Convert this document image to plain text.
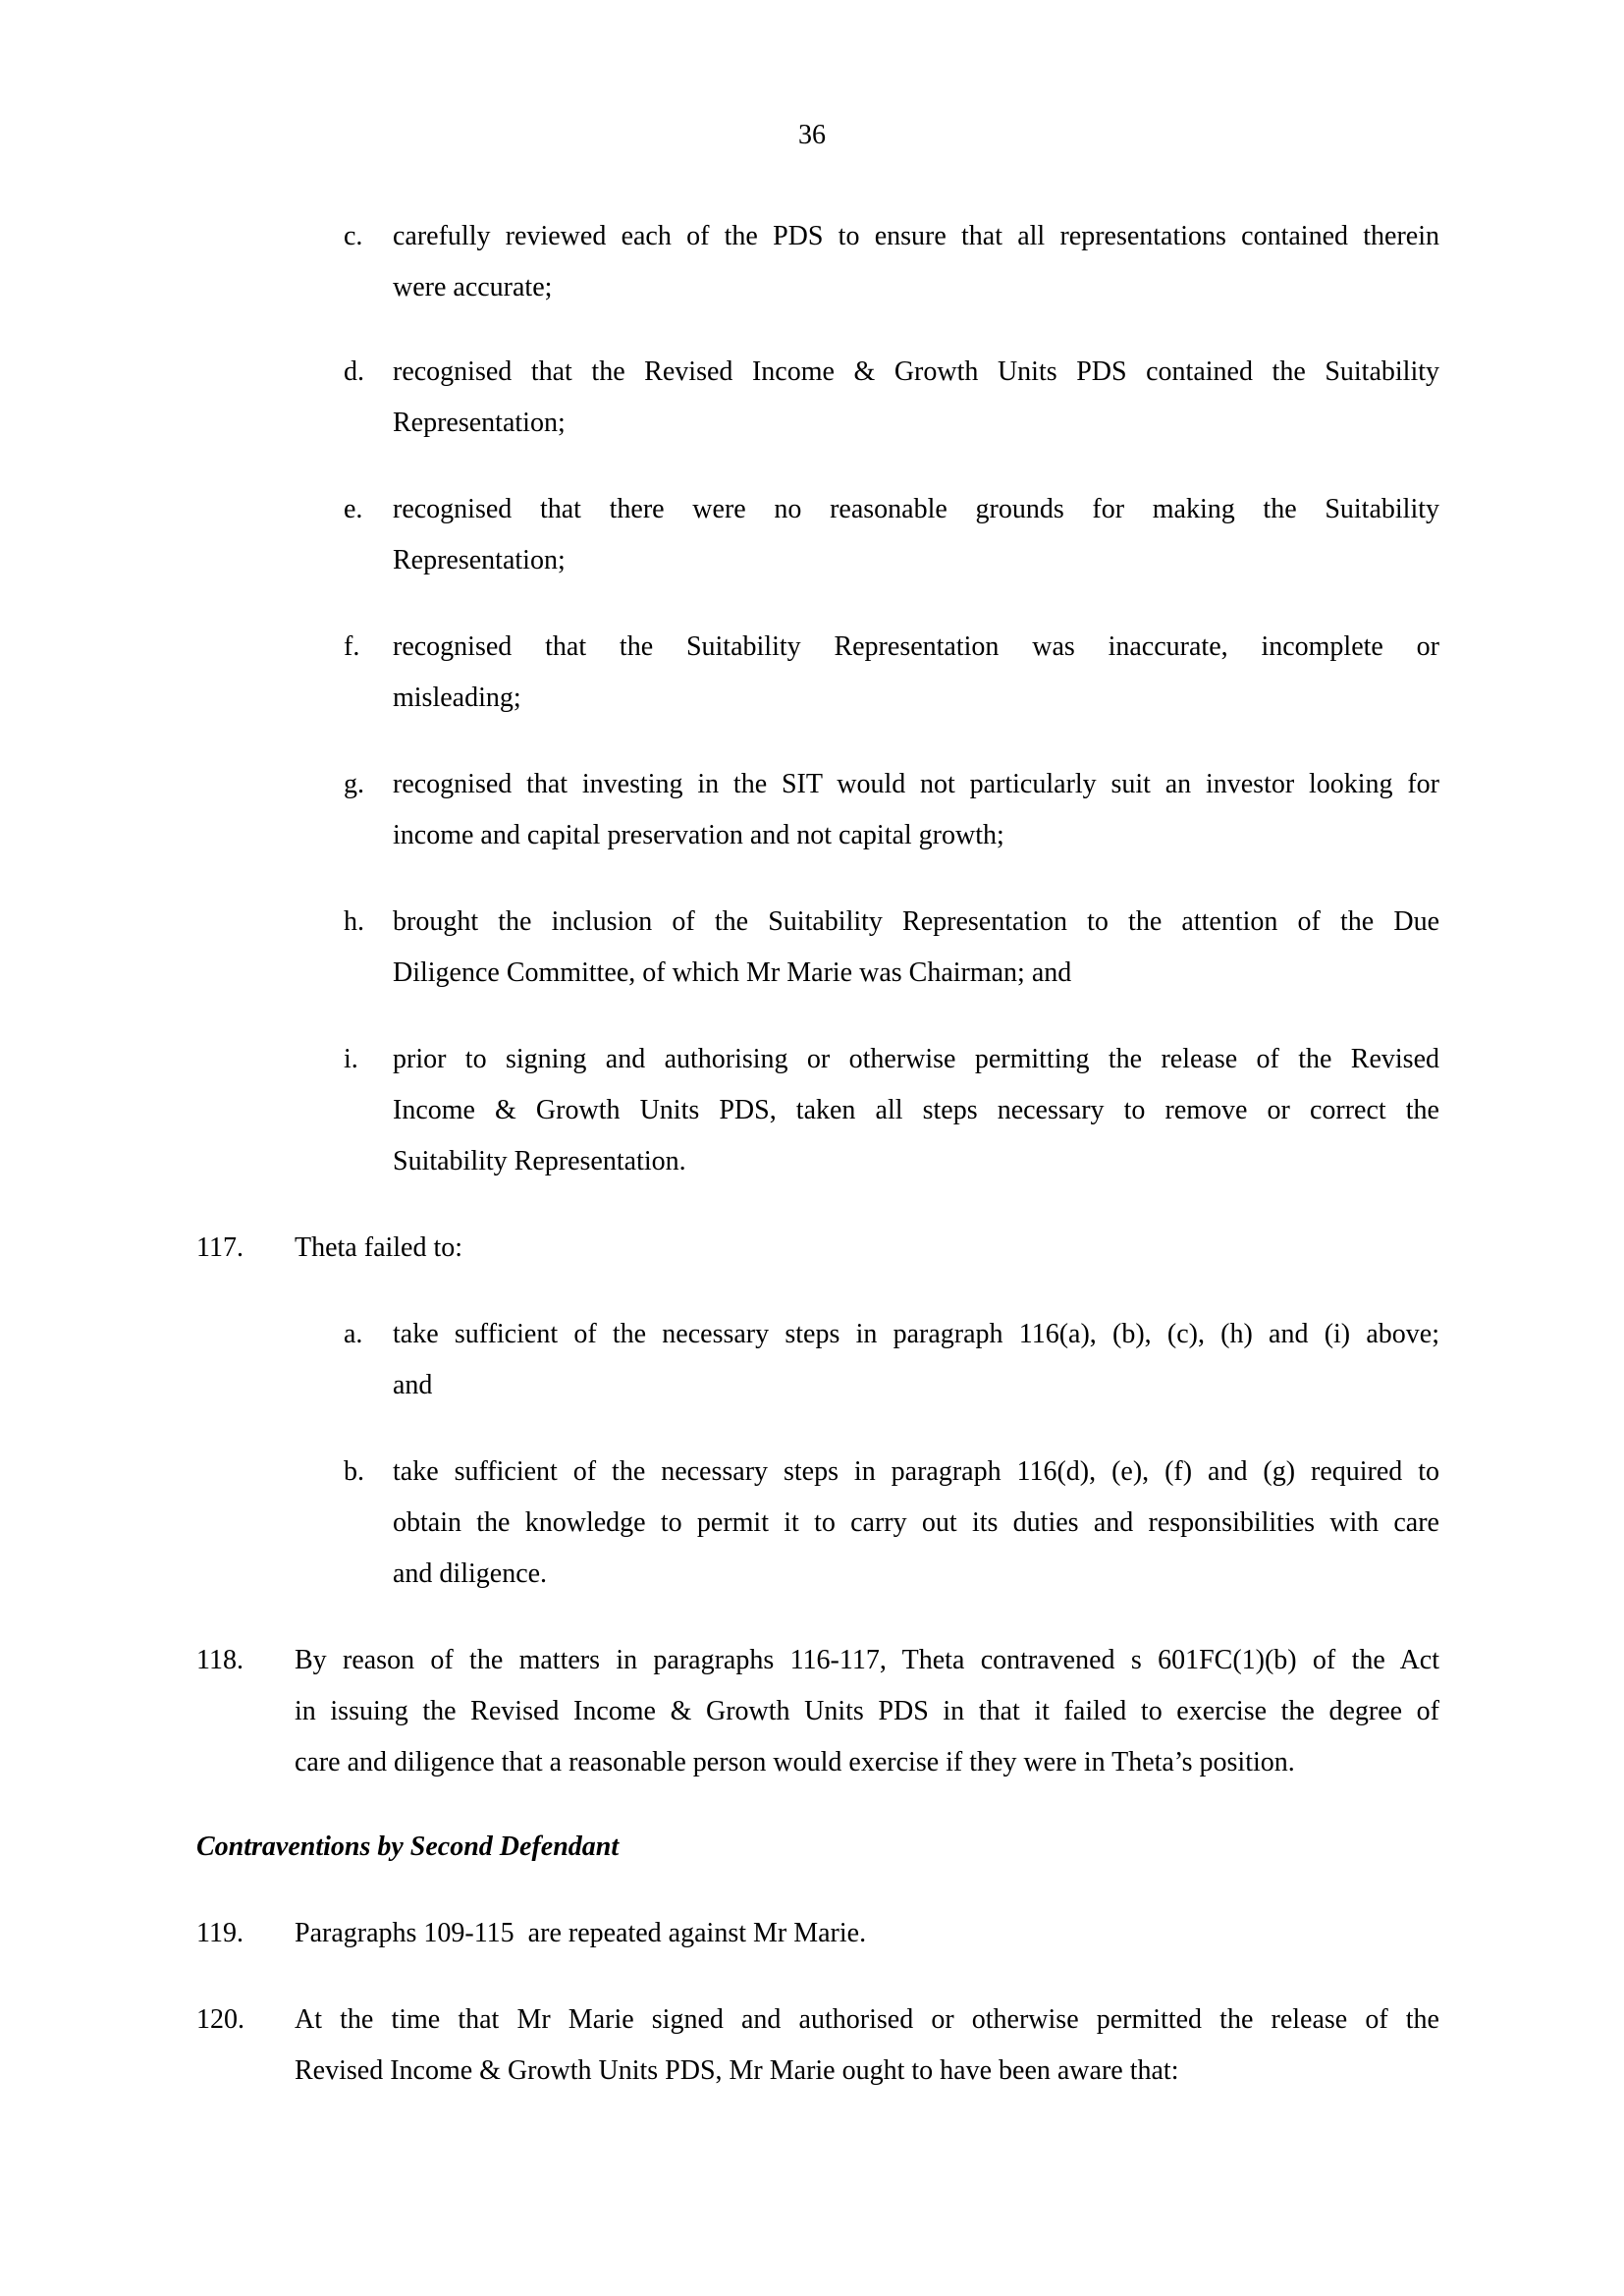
36
c.	carefully reviewed each of the PDS to ensure that all representations contained therein
were accurate;
d.	recognised that the Revised Income & Growth Units PDS contained the Suitability
Representation;
e.	recognised that there were no reasonable grounds for making the Suitability
Representation;
f.	recognised that the Suitability Representation was inaccurate, incomplete or
misleading;
g.	recognised that investing in the SIT would not particularly suit an investor looking for
income and capital preservation and not capital growth;
h.	brought the inclusion of the Suitability Representation to the attention of the Due
Diligence Committee, of which Mr Marie was Chairman; and
i.	prior to signing and authorising or otherwise permitting the release of the Revised
Income & Growth Units PDS, taken all steps necessary to remove or correct the
Suitability Representation.
117.	Theta failed to:
a.	take sufficient of the necessary steps in paragraph 116(a), (b), (c), (h) and (i) above;
and
b.	take sufficient of the necessary steps in paragraph 116(d), (e), (f) and (g) required to
obtain the knowledge to permit it to carry out its duties and responsibilities with care
and diligence.
118.	By reason of the matters in paragraphs 116-117, Theta contravened s 601FC(1)(b) of the Act
in issuing the Revised Income & Growth Units PDS in that it failed to exercise the degree of
care and diligence that a reasonable person would exercise if they were in Theta’s position.
Contraventions by Second Defendant
119.	Paragraphs 109-115  are repeated against Mr Marie.
120.	At the time that Mr Marie signed and authorised or otherwise permitted the release of the
Revised Income & Growth Units PDS, Mr Marie ought to have been aware that:
